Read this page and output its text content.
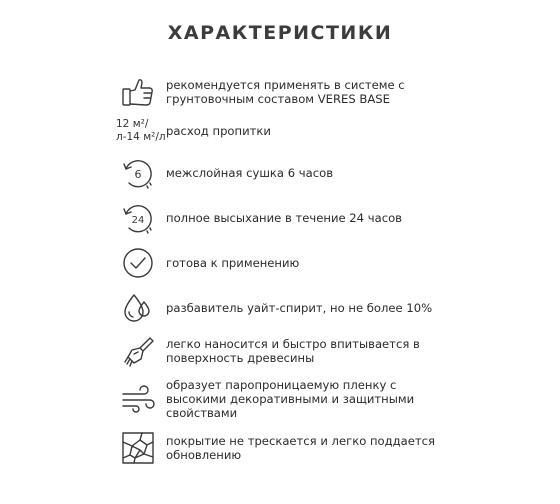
ХАРАКТЕРИСТИКИ
рекомендуется применять в системе с грунтовочным составом VERES BASE
12 м²/л-14 м²/л расход пропитки
6 межслойная сушка 6 часов
24 полное высыхание в течение 24 часов
готова к применению
разбавитель уайт-спирит, но не более 10%
легко наносится и быстро впитывается в поверхность древесины
образует паропроницаемую пленку с высокими декоративными и защитными свойствами
покрытие не трескается и легко поддается обновлению
